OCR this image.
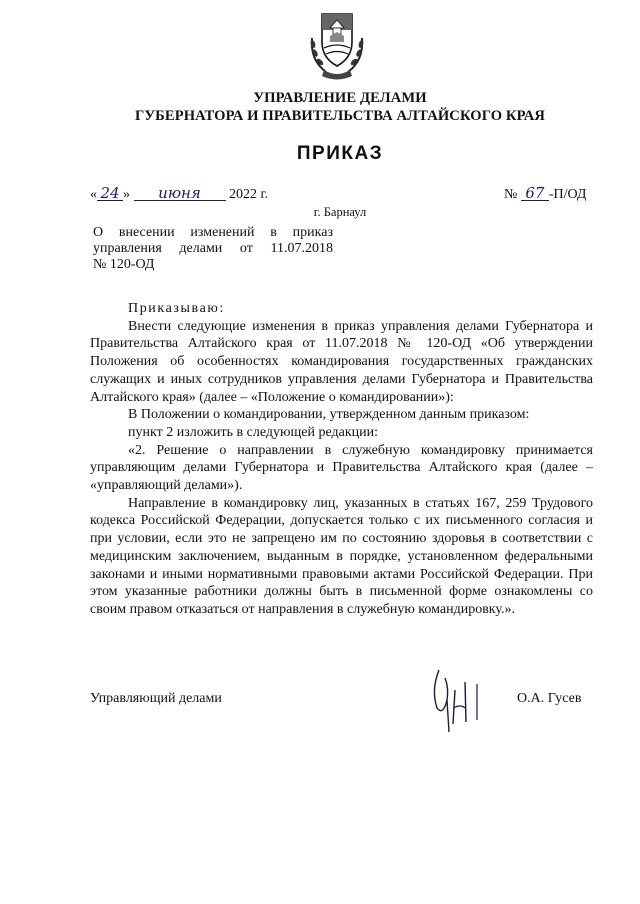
УПРАВЛЕНИЕ ДЕЛАМИ
ГУБЕРНАТОРА И ПРАВИТЕЛЬСТВА АЛТАЙСКОГО КРАЯ
ПРИКАЗ
« 24 » июня 2022 г.	№ 67 -П/ОД
г. Барнаул
О внесении изменений в приказ
управления делами от 11.07.2018
№ 120-ОД

Приказываю:

Внести следующие изменения в приказ управления делами Губернатора и Правительства Алтайского края от 11.07.2018 № 120-ОД «Об утверждении Положения об особенностях командирования государственных гражданских служащих и иных сотрудников управления делами Губернатора и Правительства Алтайского края» (далее – «Положение о командировании»):

В Положении о командировании, утвержденном данным приказом:

пункт 2 изложить в следующей редакции:

«2. Решение о направлении в служебную командировку принимается управляющим делами Губернатора и Правительства Алтайского края (далее – «управляющий делами»).

Направление в командировку лиц, указанных в статьях 167, 259 Трудового кодекса Российской Федерации, допускается только с их письменного согласия и при условии, если это не запрещено им по состоянию здоровья в соответствии с медицинским заключением, выданным в порядке, установленном федеральными законами и иными нормативными правовыми актами Российской Федерации. При этом указанные работники должны быть в письменной форме ознакомлены со своим правом отказаться от направления в служебную командировку.».

Управляющий делами	О.А. Гусев
